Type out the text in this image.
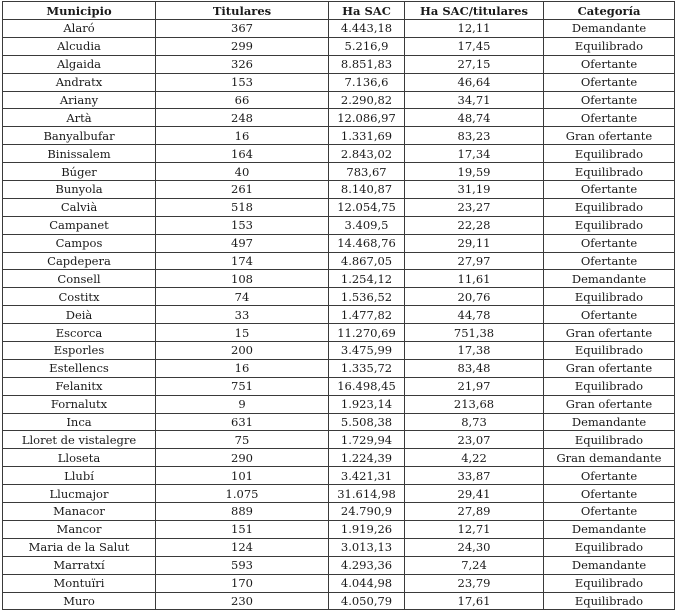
Municipio	Titulares	Ha SAC	Ha SAC/titulares	Categoría
Alaró	367	4.443,18	12,11	Demandante
Alcudia	299	5.216,9	17,45	Equilibrado
Algaida	326	8.851,83	27,15	Ofertante
Andratx	153	7.136,6	46,64	Ofertante
Ariany	66	2.290,82	34,71	Ofertante
Artà	248	12.086,97	48,74	Ofertante
Banyalbufar	16	1.331,69	83,23	Gran ofertante
Binissalem	164	2.843,02	17,34	Equilibrado
Búger	40	783,67	19,59	Equilibrado
Bunyola	261	8.140,87	31,19	Ofertante
Calvià	518	12.054,75	23,27	Equilibrado
Campanet	153	3.409,5	22,28	Equilibrado
Campos	497	14.468,76	29,11	Ofertante
Capdepera	174	4.867,05	27,97	Ofertante
Consell	108	1.254,12	11,61	Demandante
Costitx	74	1.536,52	20,76	Equilibrado
Deià	33	1.477,82	44,78	Ofertante
Escorca	15	11.270,69	751,38	Gran ofertante
Esporles	200	3.475,99	17,38	Equilibrado
Estellencs	16	1.335,72	83,48	Gran ofertante
Felanitx	751	16.498,45	21,97	Equilibrado
Fornalutx	9	1.923,14	213,68	Gran ofertante
Inca	631	5.508,38	8,73	Demandante
Lloret de vistalegre	75	1.729,94	23,07	Equilibrado
Lloseta	290	1.224,39	4,22	Gran demandante
Llubí	101	3.421,31	33,87	Ofertante
Llucmajor	1.075	31.614,98	29,41	Ofertante
Manacor	889	24.790,9	27,89	Ofertante
Mancor	151	1.919,26	12,71	Demandante
Maria de la Salut	124	3.013,13	24,30	Equilibrado
Marratxí	593	4.293,36	7,24	Demandante
Montuïri	170	4.044,98	23,79	Equilibrado
Muro	230	4.050,79	17,61	Equilibrado
